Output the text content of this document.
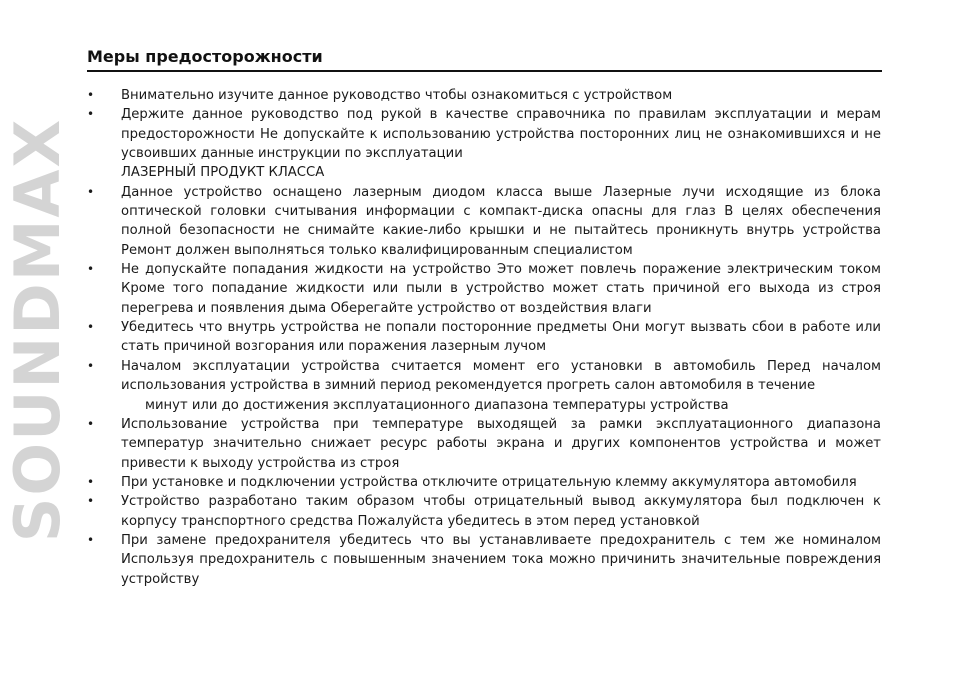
SOUNDMAX
Меры предосторожности
• Внимательно изучите данное руководство чтобы ознакомиться с устройством
• Держите данное руководство под рукой в качестве справочника по правилам эксплуатации и мерам предосторожности Не допускайте к использованию устройства посторонних лиц не ознакомившихся и не усвоивших данные инструкции по эксплуатации
ЛАЗЕРНЫЙ ПРОДУКТ КЛАССА
• Данное устройство оснащено лазерным диодом класса выше Лазерные лучи исходящие из блока оптической головки считывания информации с компакт-диска опасны для глаз В целях обеспечения полной безопасности не снимайте какие-либо крышки и не пытайтесь проникнуть внутрь устройства Ремонт должен выполняться только квалифицированным специалистом
• Не допускайте попадания жидкости на устройство Это может повлечь поражение электрическим током Кроме того попадание жидкости или пыли в устройство может стать причиной его выхода из строя перегрева и появления дыма Оберегайте устройство от воздействия влаги
• Убедитесь что внутрь устройства не попали посторонние предметы Они могут вызвать сбои в работе или стать причиной возгорания или поражения лазерным лучом
• Началом эксплуатации устройства считается момент его установки в автомобиль Перед началом использования устройства в зимний период рекомендуется прогреть салон автомобиля в течение
минут или до достижения эксплуатационного диапазона температуры устройства
• Использование устройства при температуре выходящей за рамки эксплуатационного диапазона температур значительно снижает ресурс работы экрана и других компонентов устройства и может привести к выходу устройства из строя
• При установке и подключении устройства отключите отрицательную клемму аккумулятора автомобиля
• Устройство разработано таким образом чтобы отрицательный вывод аккумулятора был подключен к корпусу транспортного средства Пожалуйста убедитесь в этом перед установкой
• При замене предохранителя убедитесь что вы устанавливаете предохранитель с тем же номиналом Используя предохранитель с повышенным значением тока можно причинить значительные повреждения устройству
